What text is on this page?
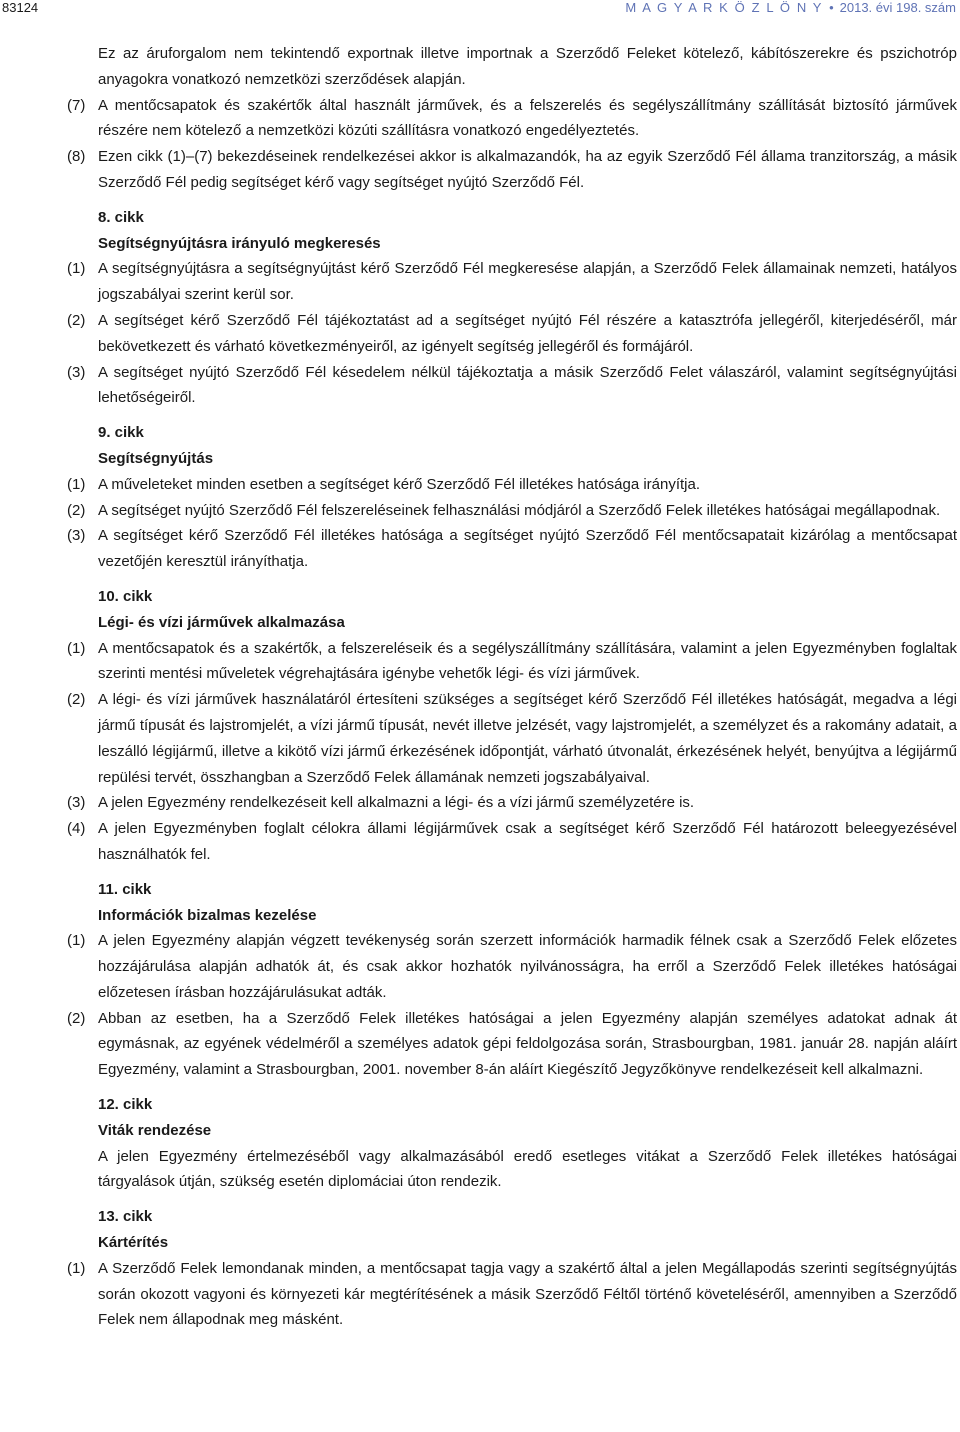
83124	M A G Y A R K Ö Z L Ö N Y • 2013. évi 198. szám
Ez az áruforgalom nem tekintendő exportnak illetve importnak a Szerződő Feleket kötelező, kábítószerekre és pszichotróp anyagokra vonatkozó nemzetközi szerződések alapján.
(7) A mentőcsapatok és szakértők által használt járművek, és a felszerelés és segélyszállítmány szállítását biztosító járművek részére nem kötelező a nemzetközi közúti szállításra vonatkozó engedélyeztetés.
(8) Ezen cikk (1)–(7) bekezdéseinek rendelkezései akkor is alkalmazandók, ha az egyik Szerződő Fél állama tranzitország, a másik Szerződő Fél pedig segítséget kérő vagy segítséget nyújtó Szerződő Fél.
8. cikk
Segítségnyújtásra irányuló megkeresés
(1) A segítségnyújtásra a segítségnyújtást kérő Szerződő Fél megkeresése alapján, a Szerződő Felek államainak nemzeti, hatályos jogszabályai szerint kerül sor.
(2) A segítséget kérő Szerződő Fél tájékoztatást ad a segítséget nyújtó Fél részére a katasztrófa jellegéről, kiterjedéséről, már bekövetkezett és várható következményeiről, az igényelt segítség jellegéről és formájáról.
(3) A segítséget nyújtó Szerződő Fél késedelem nélkül tájékoztatja a másik Szerződő Felet válaszáról, valamint segítségnyújtási lehetőségeiről.
9. cikk
Segítségnyújtás
(1) A műveleteket minden esetben a segítséget kérő Szerződő Fél illetékes hatósága irányítja.
(2) A segítséget nyújtó Szerződő Fél felszereléseinek felhasználási módjáról a Szerződő Felek illetékes hatóságai megállapodnak.
(3) A segítséget kérő Szerződő Fél illetékes hatósága a segítséget nyújtó Szerződő Fél mentőcsapatait kizárólag a mentőcsapat vezetőjén keresztül irányíthatja.
10. cikk
Légi- és vízi járművek alkalmazása
(1) A mentőcsapatok és a szakértők, a felszereléseik és a segélyszállítmány szállítására, valamint a jelen Egyezményben foglaltak szerinti mentési műveletek végrehajtására igénybe vehetők légi- és vízi járművek.
(2) A légi- és vízi járművek használatáról értesíteni szükséges a segítséget kérő Szerződő Fél illetékes hatóságát, megadva a légi jármű típusát és lajstromjelét, a vízi jármű típusát, nevét illetve jelzését, vagy lajstromjelét, a személyzet és a rakomány adatait, a leszálló légijármű, illetve a kikötő vízi jármű érkezésének időpontját, várható útvonalát, érkezésének helyét, benyújtva a légijármű repülési tervét, összhangban a Szerződő Felek államának nemzeti jogszabályaival.
(3) A jelen Egyezmény rendelkezéseit kell alkalmazni a légi- és a vízi jármű személyzetére is.
(4) A jelen Egyezményben foglalt célokra állami légijárművek csak a segítséget kérő Szerződő Fél határozott beleegyezésével használhatók fel.
11. cikk
Információk bizalmas kezelése
(1) A jelen Egyezmény alapján végzett tevékenység során szerzett információk harmadik félnek csak a Szerződő Felek előzetes hozzájárulása alapján adhatók át, és csak akkor hozhatók nyilvánosságra, ha erről a Szerződő Felek illetékes hatóságai előzetesen írásban hozzájárulásukat adták.
(2) Abban az esetben, ha a Szerződő Felek illetékes hatóságai a jelen Egyezmény alapján személyes adatokat adnak át egymásnak, az egyének védelméről a személyes adatok gépi feldolgozása során, Strasbourgban, 1981. január 28. napján aláírt Egyezmény, valamint a Strasbourgban, 2001. november 8-án aláírt Kiegészítő Jegyzőkönyve rendelkezéseit kell alkalmazni.
12. cikk
Viták rendezése
A jelen Egyezmény értelmezéséből vagy alkalmazásából eredő esetleges vitákat a Szerződő Felek illetékes hatóságai tárgyalások útján, szükség esetén diplomáciai úton rendezik.
13. cikk
Kártérítés
(1) A Szerződő Felek lemondanak minden, a mentőcsapat tagja vagy a szakértő által a jelen Megállapodás szerinti segítségnyújtás során okozott vagyoni és környezeti kár megtérítésének a másik Szerződő Féltől történő követeléséről, amennyiben a Szerződő Felek nem állapodnak meg másként.
